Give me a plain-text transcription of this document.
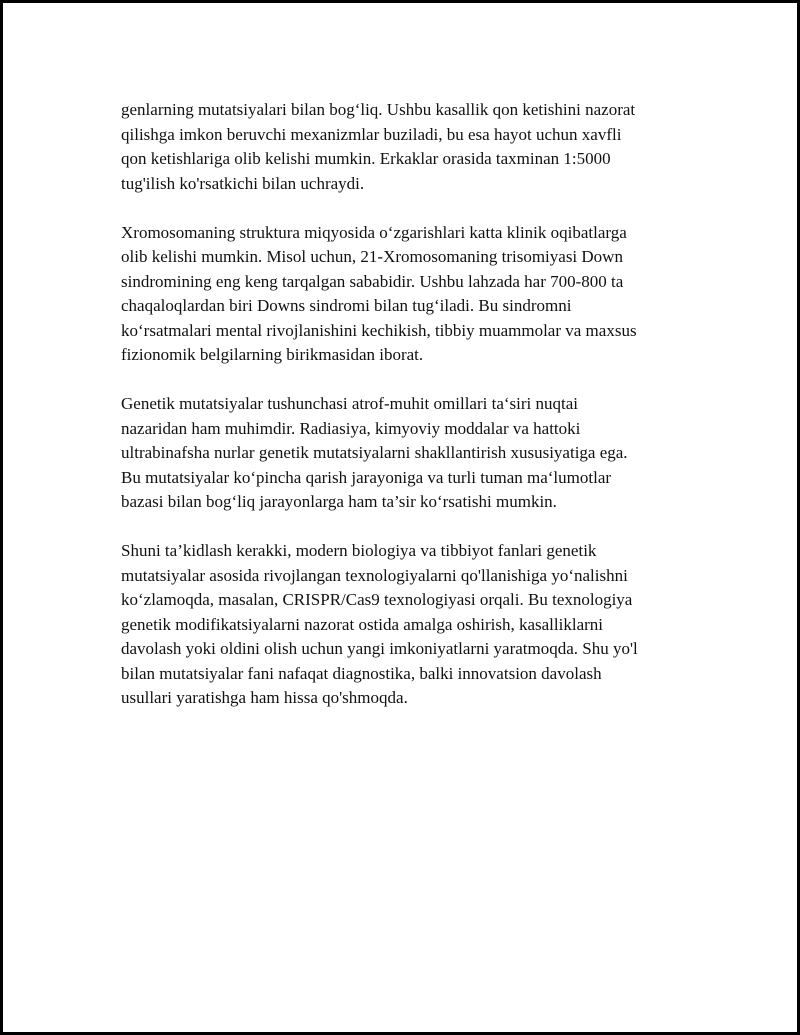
genlarning mutatsiyalari bilan bog‘liq. Ushbu kasallik qon ketishini nazorat
qilishga imkon beruvchi mexanizmlar buziladi, bu esa hayot uchun xavfli
qon ketishlariga olib kelishi mumkin. Erkaklar orasida taxminan 1:5000
tug'ilish ko'rsatkichi bilan uchraydi.

Xromosomaning struktura miqyosida o‘zgarishlari katta klinik oqibatlarga
olib kelishi mumkin. Misol uchun, 21-Xromosomaning trisomiyasi Down
sindromining eng keng tarqalgan sababidir. Ushbu lahzada har 700-800 ta
chaqaloqlardan biri Downs sindromi bilan tug‘iladi. Bu sindromni
ko‘rsatmalari mental rivojlanishini kechikish, tibbiy muammolar va maxsus
fizionomik belgilarning birikmasidan iborat.

Genetik mutatsiyalar tushunchasi atrof-muhit omillari ta‘siri nuqtai
nazaridan ham muhimdir. Radiasiya, kimyoviy moddalar va hattoki
ultrabinafsha nurlar genetik mutatsiyalarni shakllantirish xususiyatiga ega.
Bu mutatsiyalar ko‘pincha qarish jarayoniga va turli tuman ma‘lumotlar
bazasi bilan bog‘liq jarayonlarga ham ta’sir ko‘rsatishi mumkin.

Shuni ta’kidlash kerakki, modern biologiya va tibbiyot fanlari genetik
mutatsiyalar asosida rivojlangan texnologiyalarni qo'llanishiga yo‘nalishni
ko‘zlamoqda, masalan, CRISPR/Cas9 texnologiyasi orqali. Bu texnologiya
genetik modifikatsiyalarni nazorat ostida amalga oshirish, kasalliklarni
davolash yoki oldini olish uchun yangi imkoniyatlarni yaratmoqda. Shu yo'l
bilan mutatsiyalar fani nafaqat diagnostika, balki innovatsion davolash
usullari yaratishga ham hissa qo'shmoqda.
